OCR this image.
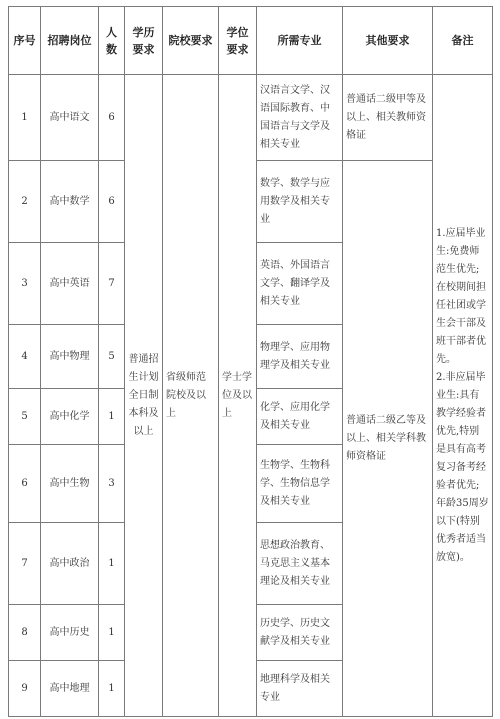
序号	招聘岗位	人数	学历要求	院校要求	学位要求	所需专业	其他要求	备注
1	高中语文	6	普通招生计划全日制本科及以上	省级师范院校及以上	学士学位及以上	汉语言文学、汉语国际教育、中国语言与文学及相关专业	普通话二级甲等及以上、相关教师资格证	1.应届毕业生:免费师范生优先;在校期间担任社团或学生会干部及班干部者优先。
2.非应届毕业生:具有教学经验者优先,特别是具有高考复习备考经验者优先;年龄35周岁以下(特别优秀者适当放宽)。

2	高中数学	6				数学、数学与应用数学及相关专业	普通话二级乙等及以上、相关学科教师资格证	
3	高中英语	7				英语、外国语言文学、翻译学及相关专业		
4	高中物理	5				物理学、应用物理学及相关专业		
5	高中化学	1				化学、应用化学及相关专业		
6	高中生物	3				生物学、生物科学、生物信息学及相关专业		
7	高中政治	1				思想政治教育、马克思主义基本理论及相关专业		
8	高中历史	1				历史学、历史文献学及相关专业		
9	高中地理	1				地理科学及相关专业		
